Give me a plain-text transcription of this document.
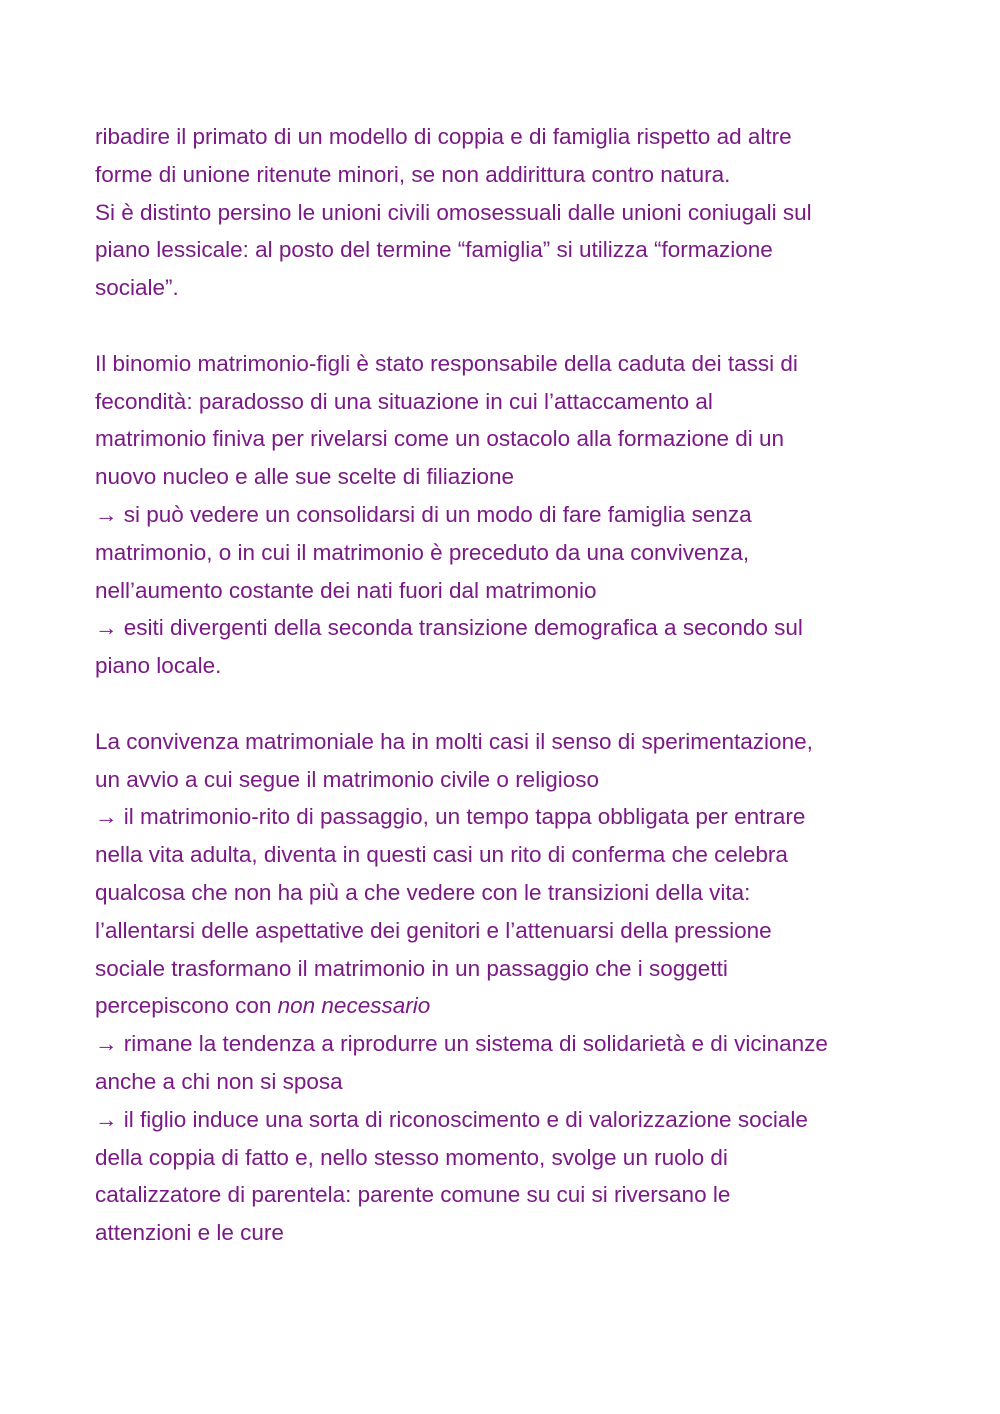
ribadire il primato di un modello di coppia e di famiglia rispetto ad altre
forme di unione ritenute minori, se non addirittura contro natura.
Si è distinto persino le unioni civili omosessuali dalle unioni coniugali sul
piano lessicale: al posto del termine “famiglia” si utilizza “formazione
sociale”.
Il binomio matrimonio-figli è stato responsabile della caduta dei tassi di
fecondità: paradosso di una situazione in cui l’attaccamento al
matrimonio finiva per rivelarsi come un ostacolo alla formazione di un
nuovo nucleo e alle sue scelte di filiazione
→ si può vedere un consolidarsi di un modo di fare famiglia senza
matrimonio, o in cui il matrimonio è preceduto da una convivenza,
nell’aumento costante dei nati fuori dal matrimonio
→ esiti divergenti della seconda transizione demografica a secondo sul
piano locale.
La convivenza matrimoniale ha in molti casi il senso di sperimentazione,
un avvio a cui segue il matrimonio civile o religioso
→ il matrimonio-rito di passaggio, un tempo tappa obbligata per entrare
nella vita adulta, diventa in questi casi un rito di conferma che celebra
qualcosa che non ha più a che vedere con le transizioni della vita:
l’allentarsi delle aspettative dei genitori e l’attenuarsi della pressione
sociale trasformano il matrimonio in un passaggio che i soggetti
percepiscono con non necessario
→ rimane la tendenza a riprodurre un sistema di solidarietà e di vicinanze
anche a chi non si sposa
→ il figlio induce una sorta di riconoscimento e di valorizzazione sociale
della coppia di fatto e, nello stesso momento, svolge un ruolo di
catalizzatore di parentela: parente comune su cui si riversano le
attenzioni e le cure
